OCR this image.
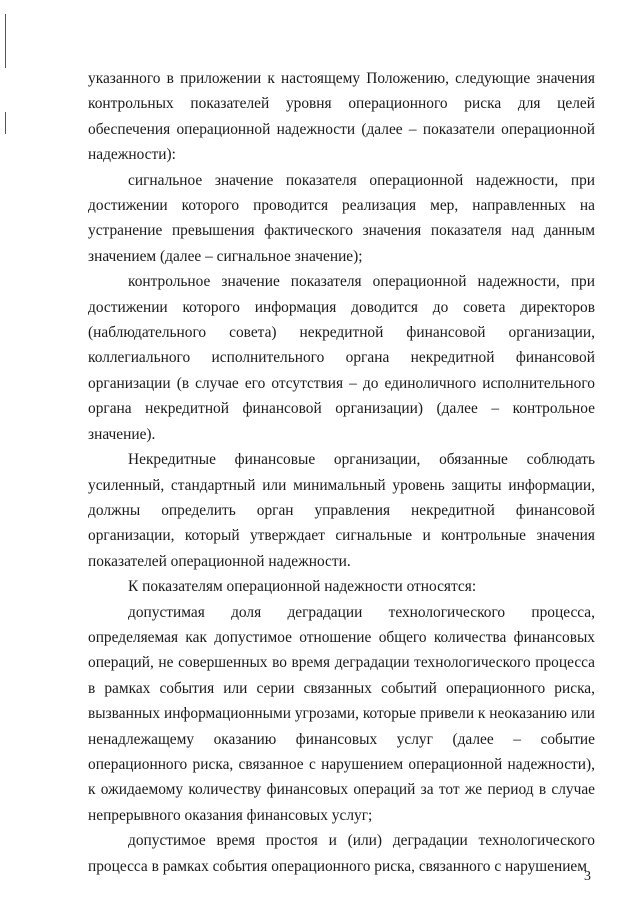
указанного в приложении к настоящему Положению, следующие значения контрольных показателей уровня операционного риска для целей обеспечения операционной надежности (далее – показатели операционной надежности):

сигнальное значение показателя операционной надежности, при достижении которого проводится реализация мер, направленных на устранение превышения фактического значения показателя над данным значением (далее – сигнальное значение);

контрольное значение показателя операционной надежности, при достижении которого информация доводится до совета директоров (наблюдательного совета) некредитной финансовой организации, коллегиального исполнительного органа некредитной финансовой организации (в случае его отсутствия – до единоличного исполнительного органа некредитной финансовой организации) (далее – контрольное значение).

Некредитные финансовые организации, обязанные соблюдать усиленный, стандартный или минимальный уровень защиты информации, должны определить орган управления некредитной финансовой организации, который утверждает сигнальные и контрольные значения показателей операционной надежности.

К показателям операционной надежности относятся:

допустимая доля деградации технологического процесса, определяемая как допустимое отношение общего количества финансовых операций, не совершенных во время деградации технологического процесса в рамках события или серии связанных событий операционного риска, вызванных информационными угрозами, которые привели к неоказанию или ненадлежащему оказанию финансовых услуг (далее – событие операционного риска, связанное с нарушением операционной надежности), к ожидаемому количеству финансовых операций за тот же период в случае непрерывного оказания финансовых услуг;

допустимое время простоя и (или) деградации технологического процесса в рамках события операционного риска, связанного с нарушением

3
